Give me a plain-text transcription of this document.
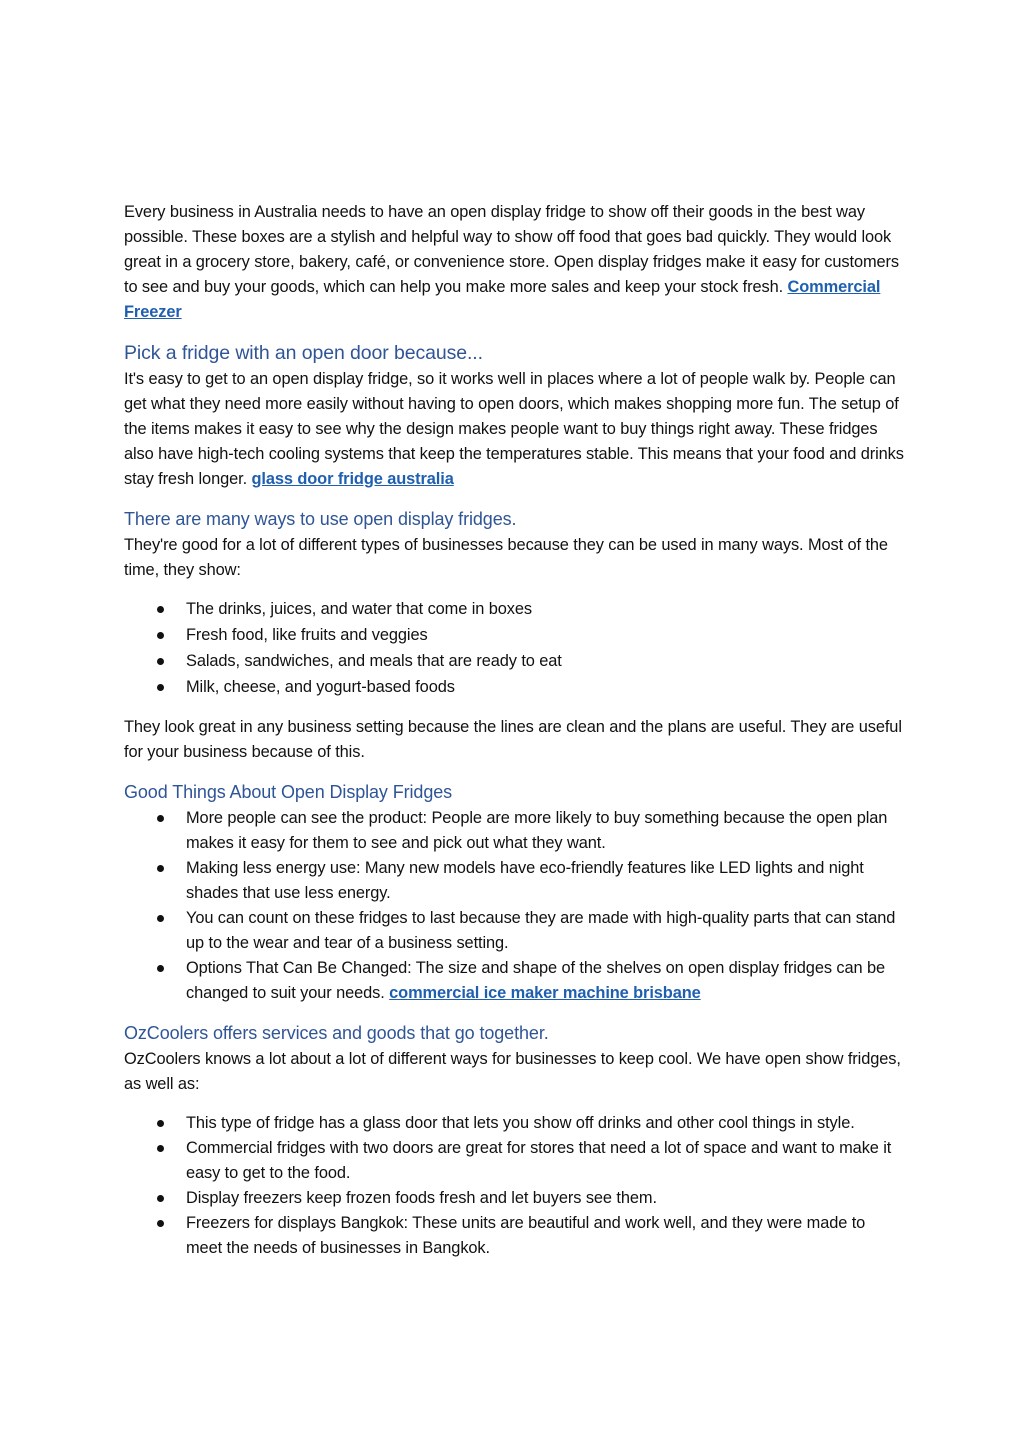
Every business in Australia needs to have an open display fridge to show off their goods in the best way possible. These boxes are a stylish and helpful way to show off food that goes bad quickly. They would look great in a grocery store, bakery, café, or convenience store. Open display fridges make it easy for customers to see and buy your goods, which can help you make more sales and keep your stock fresh. Commercial Freezer

Pick a fridge with an open door because...

It's easy to get to an open display fridge, so it works well in places where a lot of people walk by. People can get what they need more easily without having to open doors, which makes shopping more fun. The setup of the items makes it easy to see why the design makes people want to buy things right away. These fridges also have high-tech cooling systems that keep the temperatures stable. This means that your food and drinks stay fresh longer. glass door fridge australia

There are many ways to use open display fridges.

They're good for a lot of different types of businesses because they can be used in many ways. Most of the time, they show:

The drinks, juices, and water that come in boxes
Fresh food, like fruits and veggies
Salads, sandwiches, and meals that are ready to eat
Milk, cheese, and yogurt-based foods

They look great in any business setting because the lines are clean and the plans are useful. They are useful for your business because of this.

Good Things About Open Display Fridges
More people can see the product: People are more likely to buy something because the open plan makes it easy for them to see and pick out what they want.
Making less energy use: Many new models have eco-friendly features like LED lights and night shades that use less energy.
You can count on these fridges to last because they are made with high-quality parts that can stand up to the wear and tear of a business setting.
Options That Can Be Changed: The size and shape of the shelves on open display fridges can be changed to suit your needs. commercial ice maker machine brisbane
OzCoolers offers services and goods that go together.

OzCoolers knows a lot about a lot of different ways for businesses to keep cool. We have open show fridges, as well as:

This type of fridge has a glass door that lets you show off drinks and other cool things in style.
Commercial fridges with two doors are great for stores that need a lot of space and want to make it easy to get to the food.
Display freezers keep frozen foods fresh and let buyers see them.
Freezers for displays Bangkok: These units are beautiful and work well, and they were made to meet the needs of businesses in Bangkok.
